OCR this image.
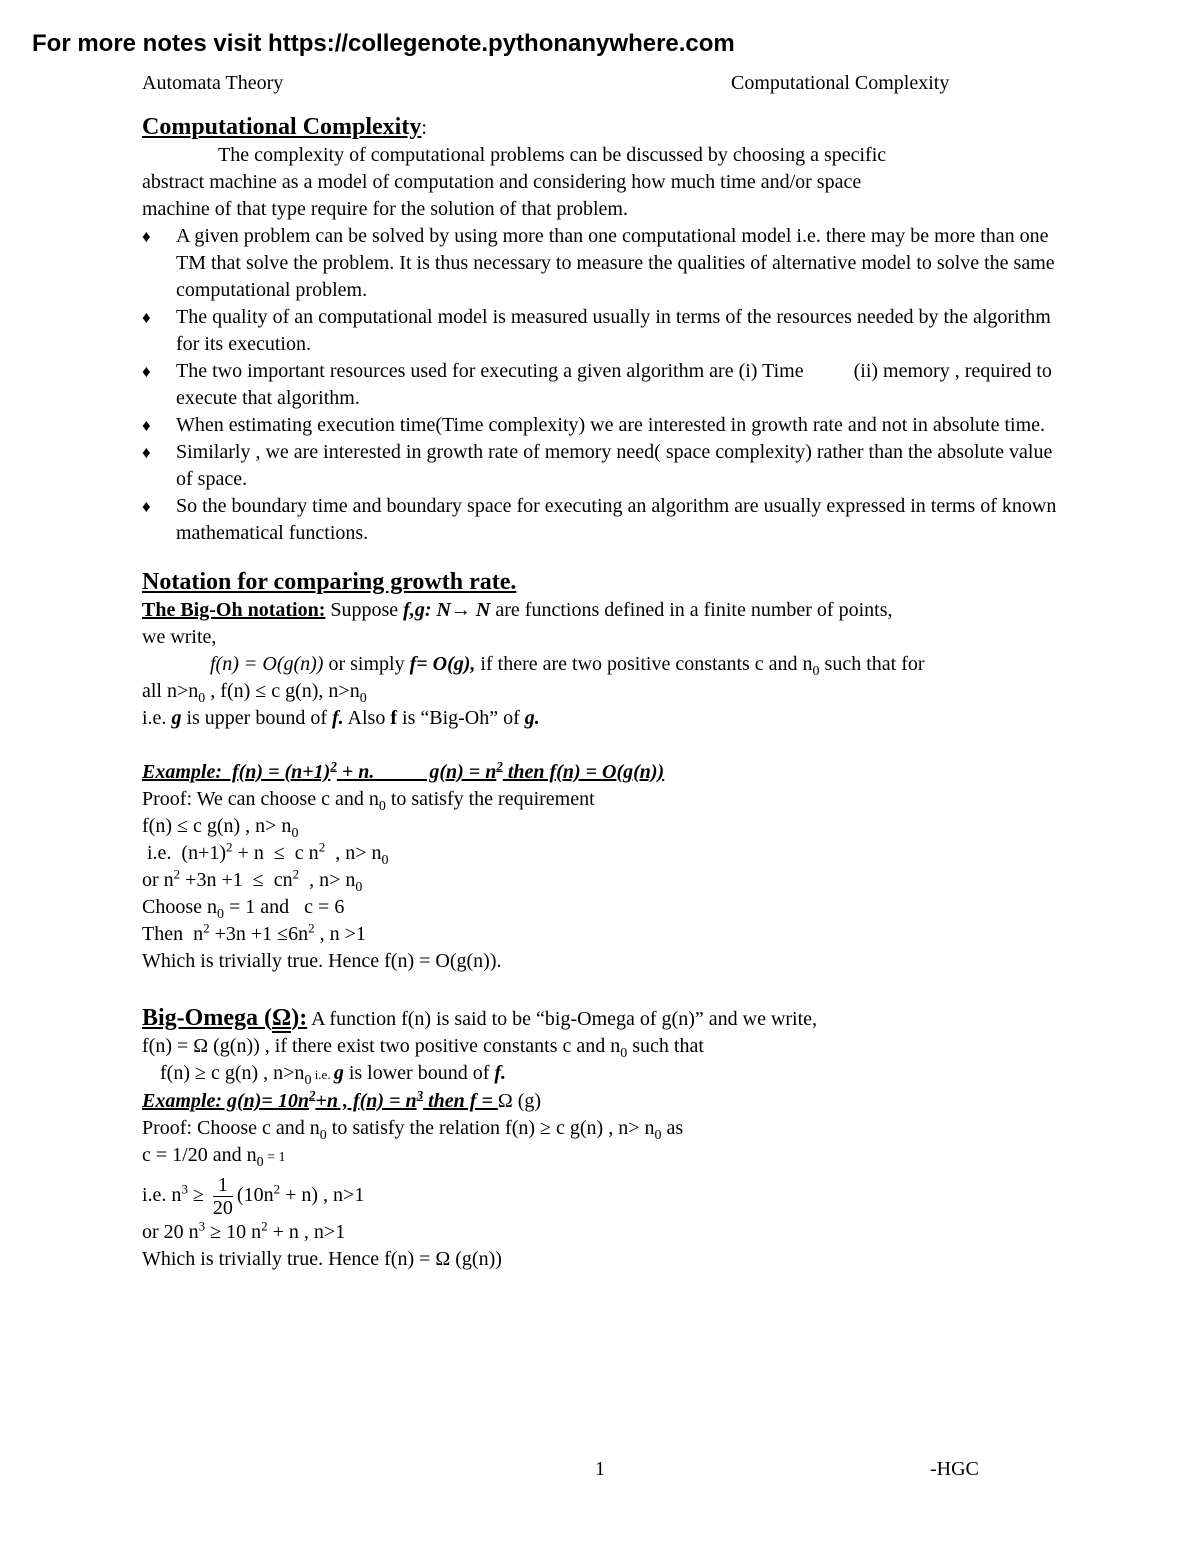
For more notes visit https://collegenote.pythonanywhere.com
Automata Theory	Computational Complexity

Computational Complexity:

The complexity of computational problems can be discussed by choosing a specific

abstract machine as a model of computation and considering how much time and/or space

machine of that type require for the solution of that problem.

♦ A given problem can be solved by using more than one computational model i.e. there may be more than one TM that solve the problem. It is thus necessary to measure the qualities of alternative model to solve the same computational problem.
♦ The quality of an computational model is measured usually in terms of the resources needed by the algorithm for its execution.
♦ The two important resources used for executing a given algorithm are (i) Time          (ii) memory , required to execute that algorithm.
♦ When estimating execution time(Time complexity) we are interested in growth rate and not in absolute time.
♦ Similarly , we are interested in growth rate of memory need( space complexity) rather than the absolute value of space.
♦ So the boundary time and boundary space for executing an algorithm are usually expressed in terms of known mathematical functions.

Notation for comparing growth rate.

The Big-Oh notation: Suppose f,g: N→ N are functions defined in a finite number of points,

we write,

f(n) = O(g(n)) or simply f= O(g), if there are two positive constants c and $n_0$ such that for

all $n>n_0$ , f(n) ≤ c g(n), $n>n_0$

i.e. g is upper bound of f. Also f is “Big-Oh” of g.

Example:  $f(n) = (n+1)^2 + n$.           $g(n) = n^2$ then f(n) = O(g(n))

Proof: We can choose c and $n_0$ to satisfy the requirement

f(n) ≤ c g(n) , $n> n_0$

i.e.  $(n+1)^2 + n \le c$ $n^2$  , $n> n_0$

or $n^2 +3n +1 \le cn^2$  , $n> n_0$

Choose $n_0 = 1$ and   c = 6

Then  $n^2 +3n +1 \le 6n^2$ , n >1

Which is trivially true. Hence f(n) = O(g(n)).

Big-Omega (Ω): A function f(n) is said to be “big-Omega of g(n)” and we write,

f(n) = Ω (g(n)) , if there exist two positive constants c and $n_0$ such that

f(n) ≥ c g(n) , $n>n_0$ i.e. g is lower bound of f.

Example: $g(n)= 10n^2+n$ , $f(n) = n^3$ then f = Ω (g)

Proof: Choose c and $n_0$ to satisfy the relation f(n) ≥ c g(n) , $n> n_0$ as

c = 1/20 and $n_0 = 1$

i.e. $n^3 \ge \frac{1}{20} (10n^2 + n)$ , n>1

or 20 $n^3 \ge 10$ $n^2 + n$ , n>1

Which is trivially true. Hence f(n) = Ω (g(n))

1	-HGC
